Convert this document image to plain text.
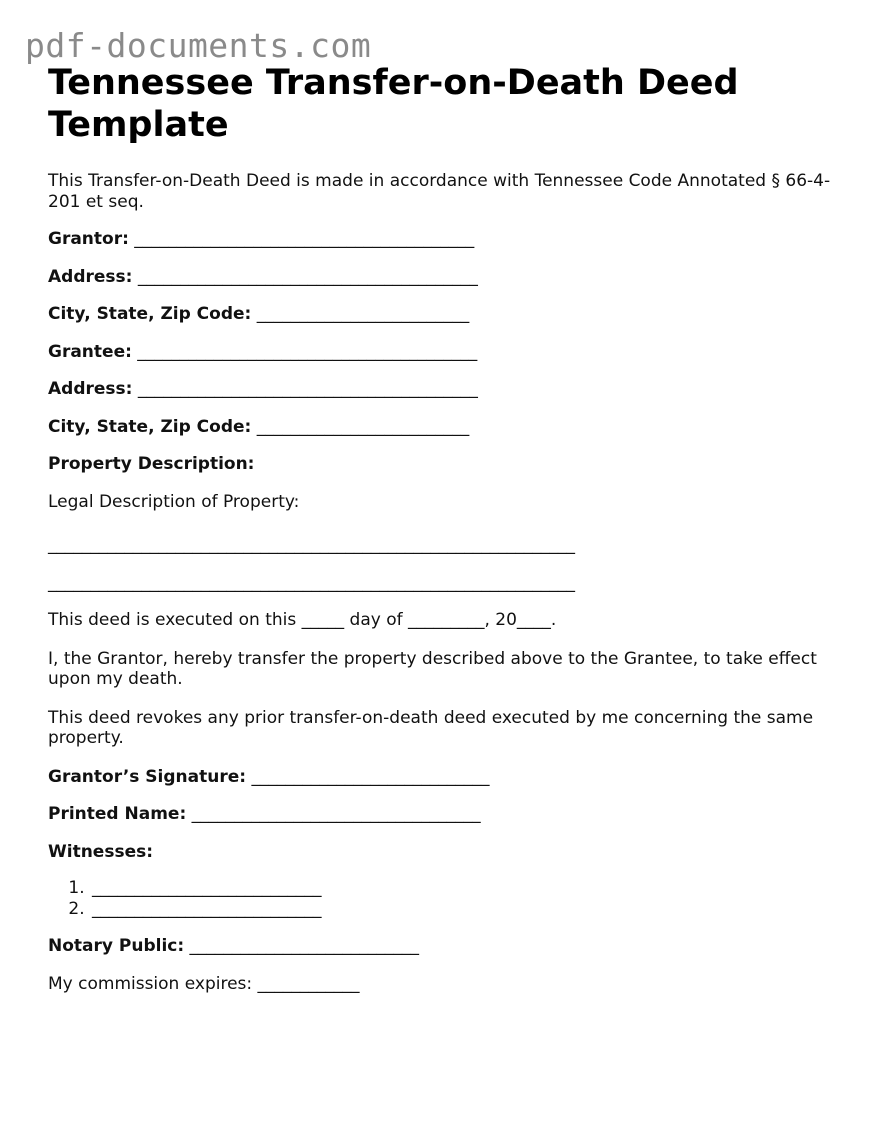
pdf-documents.com
Tennessee Transfer-on-Death Deed Template

This Transfer-on-Death Deed is made in accordance with Tennessee Code Annotated § 66-4-201 et seq.

Grantor: ________________________________________

Address: ________________________________________

City, State, Zip Code: _________________________

Grantee: ________________________________________

Address: ________________________________________

City, State, Zip Code: _________________________

Property Description:

Legal Description of Property:

______________________________________________________________

______________________________________________________________

This deed is executed on this _____ day of _________, 20____.

I, the Grantor, hereby transfer the property described above to the Grantee, to take effect upon my death.

This deed revokes any prior transfer-on-death deed executed by me concerning the same property.

Grantor’s Signature: ____________________________

Printed Name: __________________________________

Witnesses:

1. ___________________________
2. ___________________________

Notary Public: ___________________________

My commission expires: ____________
